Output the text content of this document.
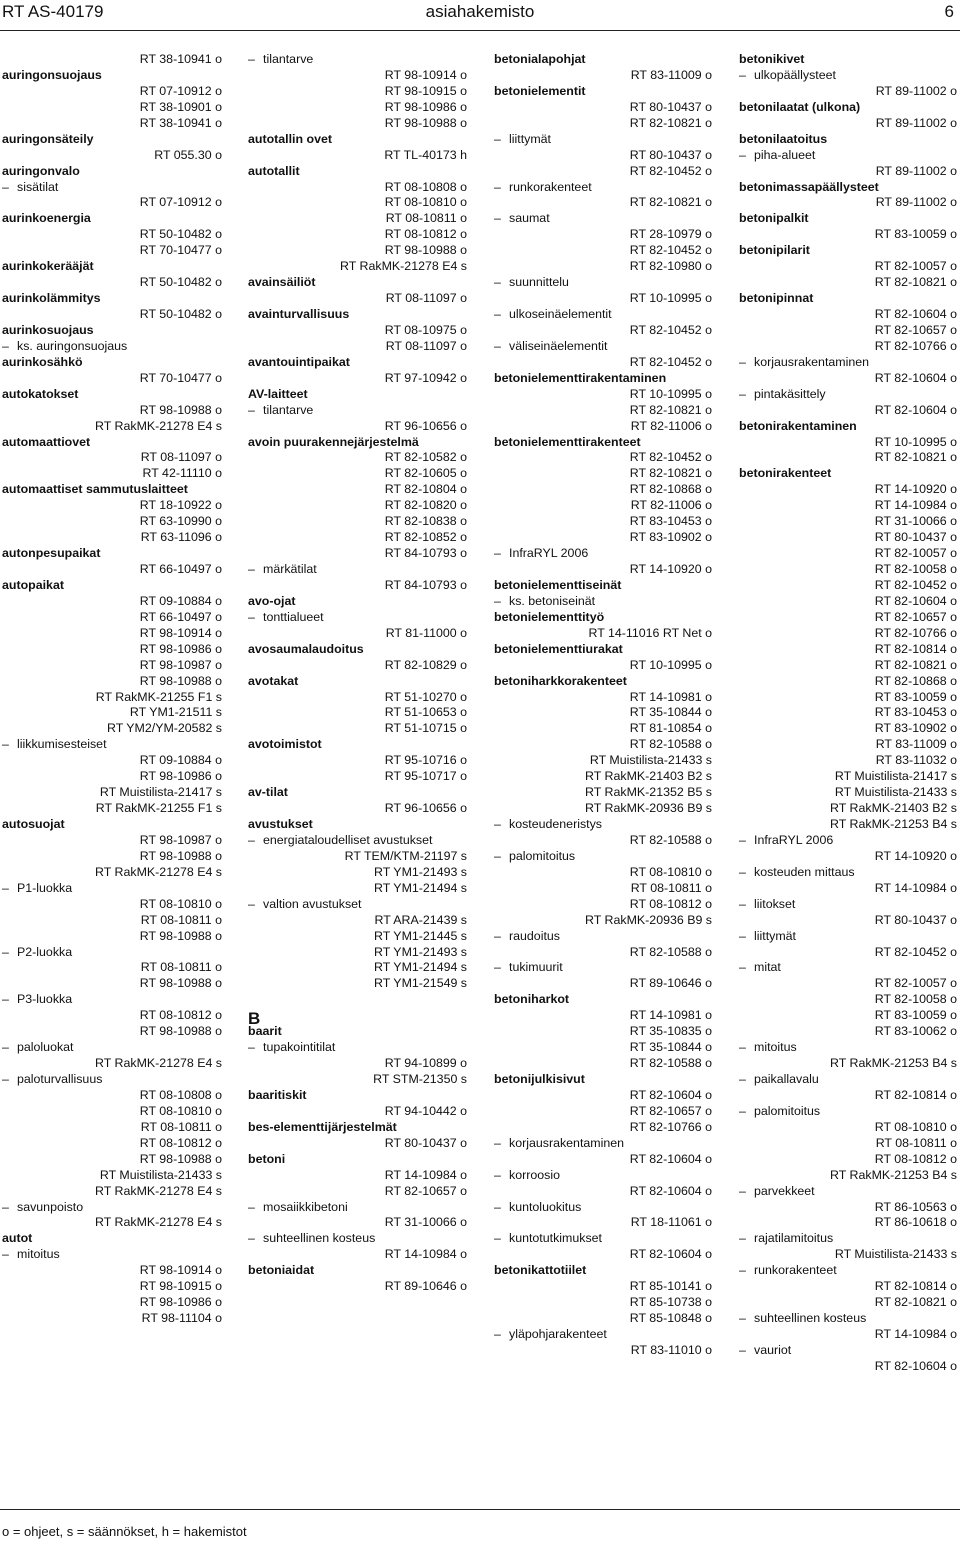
asiahakemisto
RT AS-40179	6
RT 38-10941 o
auringonsuojaus
RT 07-10912 o
RT 38-10901 o
RT 38-10941 o
auringonsäteily
RT 055.30 o
auringonvalo
– sisätilat
RT 07-10912 o
aurinkoenergia
RT 50-10482 o
RT 70-10477 o
aurinkokerääjät
RT 50-10482 o
aurinkolämmitys
RT 50-10482 o
aurinkosuojaus
– ks. auringonsuojaus
aurinkosähkö
RT 70-10477 o
autokatokset
RT 98-10988 o
RT RakMK-21278 E4 s
automaattiovet
RT 08-11097 o
RT 42-11110 o
automaattiset sammutuslaitteet
RT 18-10922 o
RT 63-10990 o
RT 63-11096 o
autonpesupaikat
RT 66-10497 o
autopaikat
RT 09-10884 o
RT 66-10497 o
RT 98-10914 o
RT 98-10986 o
RT 98-10987 o
RT 98-10988 o
RT RakMK-21255 F1 s
RT YM1-21511 s
RT YM2/YM-20582 s
– liikkumisesteiset
RT 09-10884 o
RT 98-10986 o
RT Muistilista-21417 s
RT RakMK-21255 F1 s
autosuojat
RT 98-10987 o
RT 98-10988 o
RT RakMK-21278 E4 s
– P1-luokka
RT 08-10810 o
RT 08-10811 o
RT 98-10988 o
– P2-luokka
RT 08-10811 o
RT 98-10988 o
– P3-luokka
RT 08-10812 o
RT 98-10988 o
– paloluokat
RT RakMK-21278 E4 s
– paloturvallisuus
RT 08-10808 o
RT 08-10810 o
RT 08-10811 o
RT 08-10812 o
RT 98-10988 o
RT Muistilista-21433 s
RT RakMK-21278 E4 s
– savunpoisto
RT RakMK-21278 E4 s
autot
– mitoitus
RT 98-10914 o
RT 98-10915 o
RT 98-10986 o
RT 98-11104 o
– tilantarve
RT 98-10914 o
RT 98-10915 o
RT 98-10986 o
RT 98-10988 o
autotallin ovet
RT TL-40173 h
autotallit
RT 08-10808 o
RT 08-10810 o
RT 08-10811 o
RT 08-10812 o
RT 98-10988 o
RT RakMK-21278 E4 s
avainsäiliöt
RT 08-11097 o
avainturvallisuus
RT 08-10975 o
RT 08-11097 o
avantouintipaikat
RT 97-10942 o
AV-laitteet
– tilantarve
RT 96-10656 o
avoin puurakennejärjestelmä
RT 82-10582 o
RT 82-10605 o
RT 82-10804 o
RT 82-10820 o
RT 82-10838 o
RT 82-10852 o
RT 84-10793 o
– märkätilat
RT 84-10793 o
avo-ojat
– tonttialueet
RT 81-11000 o
avosaumalaudoitus
RT 82-10829 o
avotakat
RT 51-10270 o
RT 51-10653 o
RT 51-10715 o
avotoimistot
RT 95-10716 o
RT 95-10717 o
av-tilat
RT 96-10656 o
avustukset
– energiataloudelliset avustukset
RT TEM/KTM-21197 s
RT YM1-21493 s
RT YM1-21494 s
– valtion avustukset
RT ARA-21439 s
RT YM1-21445 s
RT YM1-21493 s
RT YM1-21494 s
RT YM1-21549 s
B
baarit
– tupakointitilat
RT 94-10899 o
RT STM-21350 s
baaritiskit
RT 94-10442 o
bes-elementtijärjestelmät
RT 80-10437 o
betoni
RT 14-10984 o
RT 82-10657 o
– mosaiikkibetoni
RT 31-10066 o
– suhteellinen kosteus
RT 14-10984 o
betoniaidat
RT 89-10646 o
betonialapohjat
RT 83-11009 o
betonielementit
RT 80-10437 o
RT 82-10821 o
– liittymät
RT 80-10437 o
RT 82-10452 o
– runkorakenteet
RT 82-10821 o
– saumat
RT 28-10979 o
RT 82-10452 o
RT 82-10980 o
– suunnittelu
RT 10-10995 o
– ulkoseinäelementit
RT 82-10452 o
– väliseinäelementit
RT 82-10452 o
betonielementtirakentaminen
RT 10-10995 o
RT 82-10821 o
RT 82-11006 o
betonielementtirakenteet
RT 82-10452 o
RT 82-10821 o
RT 82-10868 o
RT 82-11006 o
RT 83-10453 o
RT 83-10902 o
– InfraRYL 2006
RT 14-10920 o
betonielementtiseinät
– ks. betoniseinät
betonielementtityö
RT 14-11016 RT Net o
betonielementtiurakat
RT 10-10995 o
betoniharkkorakenteet
RT 14-10981 o
RT 35-10844 o
RT 81-10854 o
RT 82-10588 o
RT Muistilista-21433 s
RT RakMK-21403 B2 s
RT RakMK-21352 B5 s
RT RakMK-20936 B9 s
– kosteudeneristys
RT 82-10588 o
– palomitoitus
RT 08-10810 o
RT 08-10811 o
RT 08-10812 o
RT RakMK-20936 B9 s
– raudoitus
RT 82-10588 o
– tukimuurit
RT 89-10646 o
betoniharkot
RT 14-10981 o
RT 35-10835 o
RT 35-10844 o
RT 82-10588 o
betonijulkisivut
RT 82-10604 o
RT 82-10657 o
RT 82-10766 o
– korjausrakentaminen
RT 82-10604 o
– korroosio
RT 82-10604 o
– kuntoluokitus
RT 18-11061 o
– kuntotutkimukset
RT 82-10604 o
betonikattotiilet
RT 85-10141 o
RT 85-10738 o
RT 85-10848 o
– yläpohjarakenteet
RT 83-11010 o
betonikivet
– ulkopäällysteet
RT 89-11002 o
betonilaatat (ulkona)
RT 89-11002 o
betonilaatoitus
– piha-alueet
RT 89-11002 o
betonimassapäällysteet
RT 89-11002 o
betonipalkit
RT 83-10059 o
betonipilarit
RT 82-10057 o
RT 82-10821 o
betonipinnat
RT 82-10604 o
RT 82-10657 o
RT 82-10766 o
– korjausrakentaminen
RT 82-10604 o
– pintakäsittely
RT 82-10604 o
betonirakentaminen
RT 10-10995 o
RT 82-10821 o
betonirakenteet
RT 14-10920 o
RT 14-10984 o
RT 31-10066 o
RT 80-10437 o
RT 82-10057 o
RT 82-10058 o
RT 82-10452 o
RT 82-10604 o
RT 82-10657 o
RT 82-10766 o
RT 82-10814 o
RT 82-10821 o
RT 82-10868 o
RT 83-10059 o
RT 83-10453 o
RT 83-10902 o
RT 83-11009 o
RT 83-11032 o
RT Muistilista-21417 s
RT Muistilista-21433 s
RT RakMK-21403 B2 s
RT RakMK-21253 B4 s
– InfraRYL 2006
RT 14-10920 o
– kosteuden mittaus
RT 14-10984 o
– liitokset
RT 80-10437 o
– liittymät
RT 82-10452 o
– mitat
RT 82-10057 o
RT 82-10058 o
RT 83-10059 o
RT 83-10062 o
– mitoitus
RT RakMK-21253 B4 s
– paikallavalu
RT 82-10814 o
– palomitoitus
RT 08-10810 o
RT 08-10811 o
RT 08-10812 o
RT RakMK-21253 B4 s
– parvekkeet
RT 86-10563 o
RT 86-10618 o
– rajatilamitoitus
RT Muistilista-21433 s
– runkorakenteet
RT 82-10814 o
RT 82-10821 o
– suhteellinen kosteus
RT 14-10984 o
– vauriot
RT 82-10604 o
o = ohjeet, s = säännökset, h = hakemistot
